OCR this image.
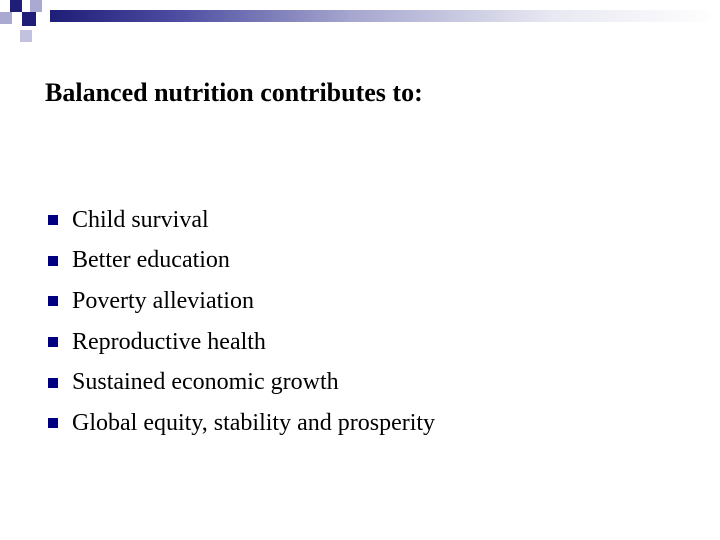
Balanced nutrition contributes to:
Child survival
Better education
Poverty alleviation
Reproductive health
Sustained economic growth
Global equity, stability and prosperity
